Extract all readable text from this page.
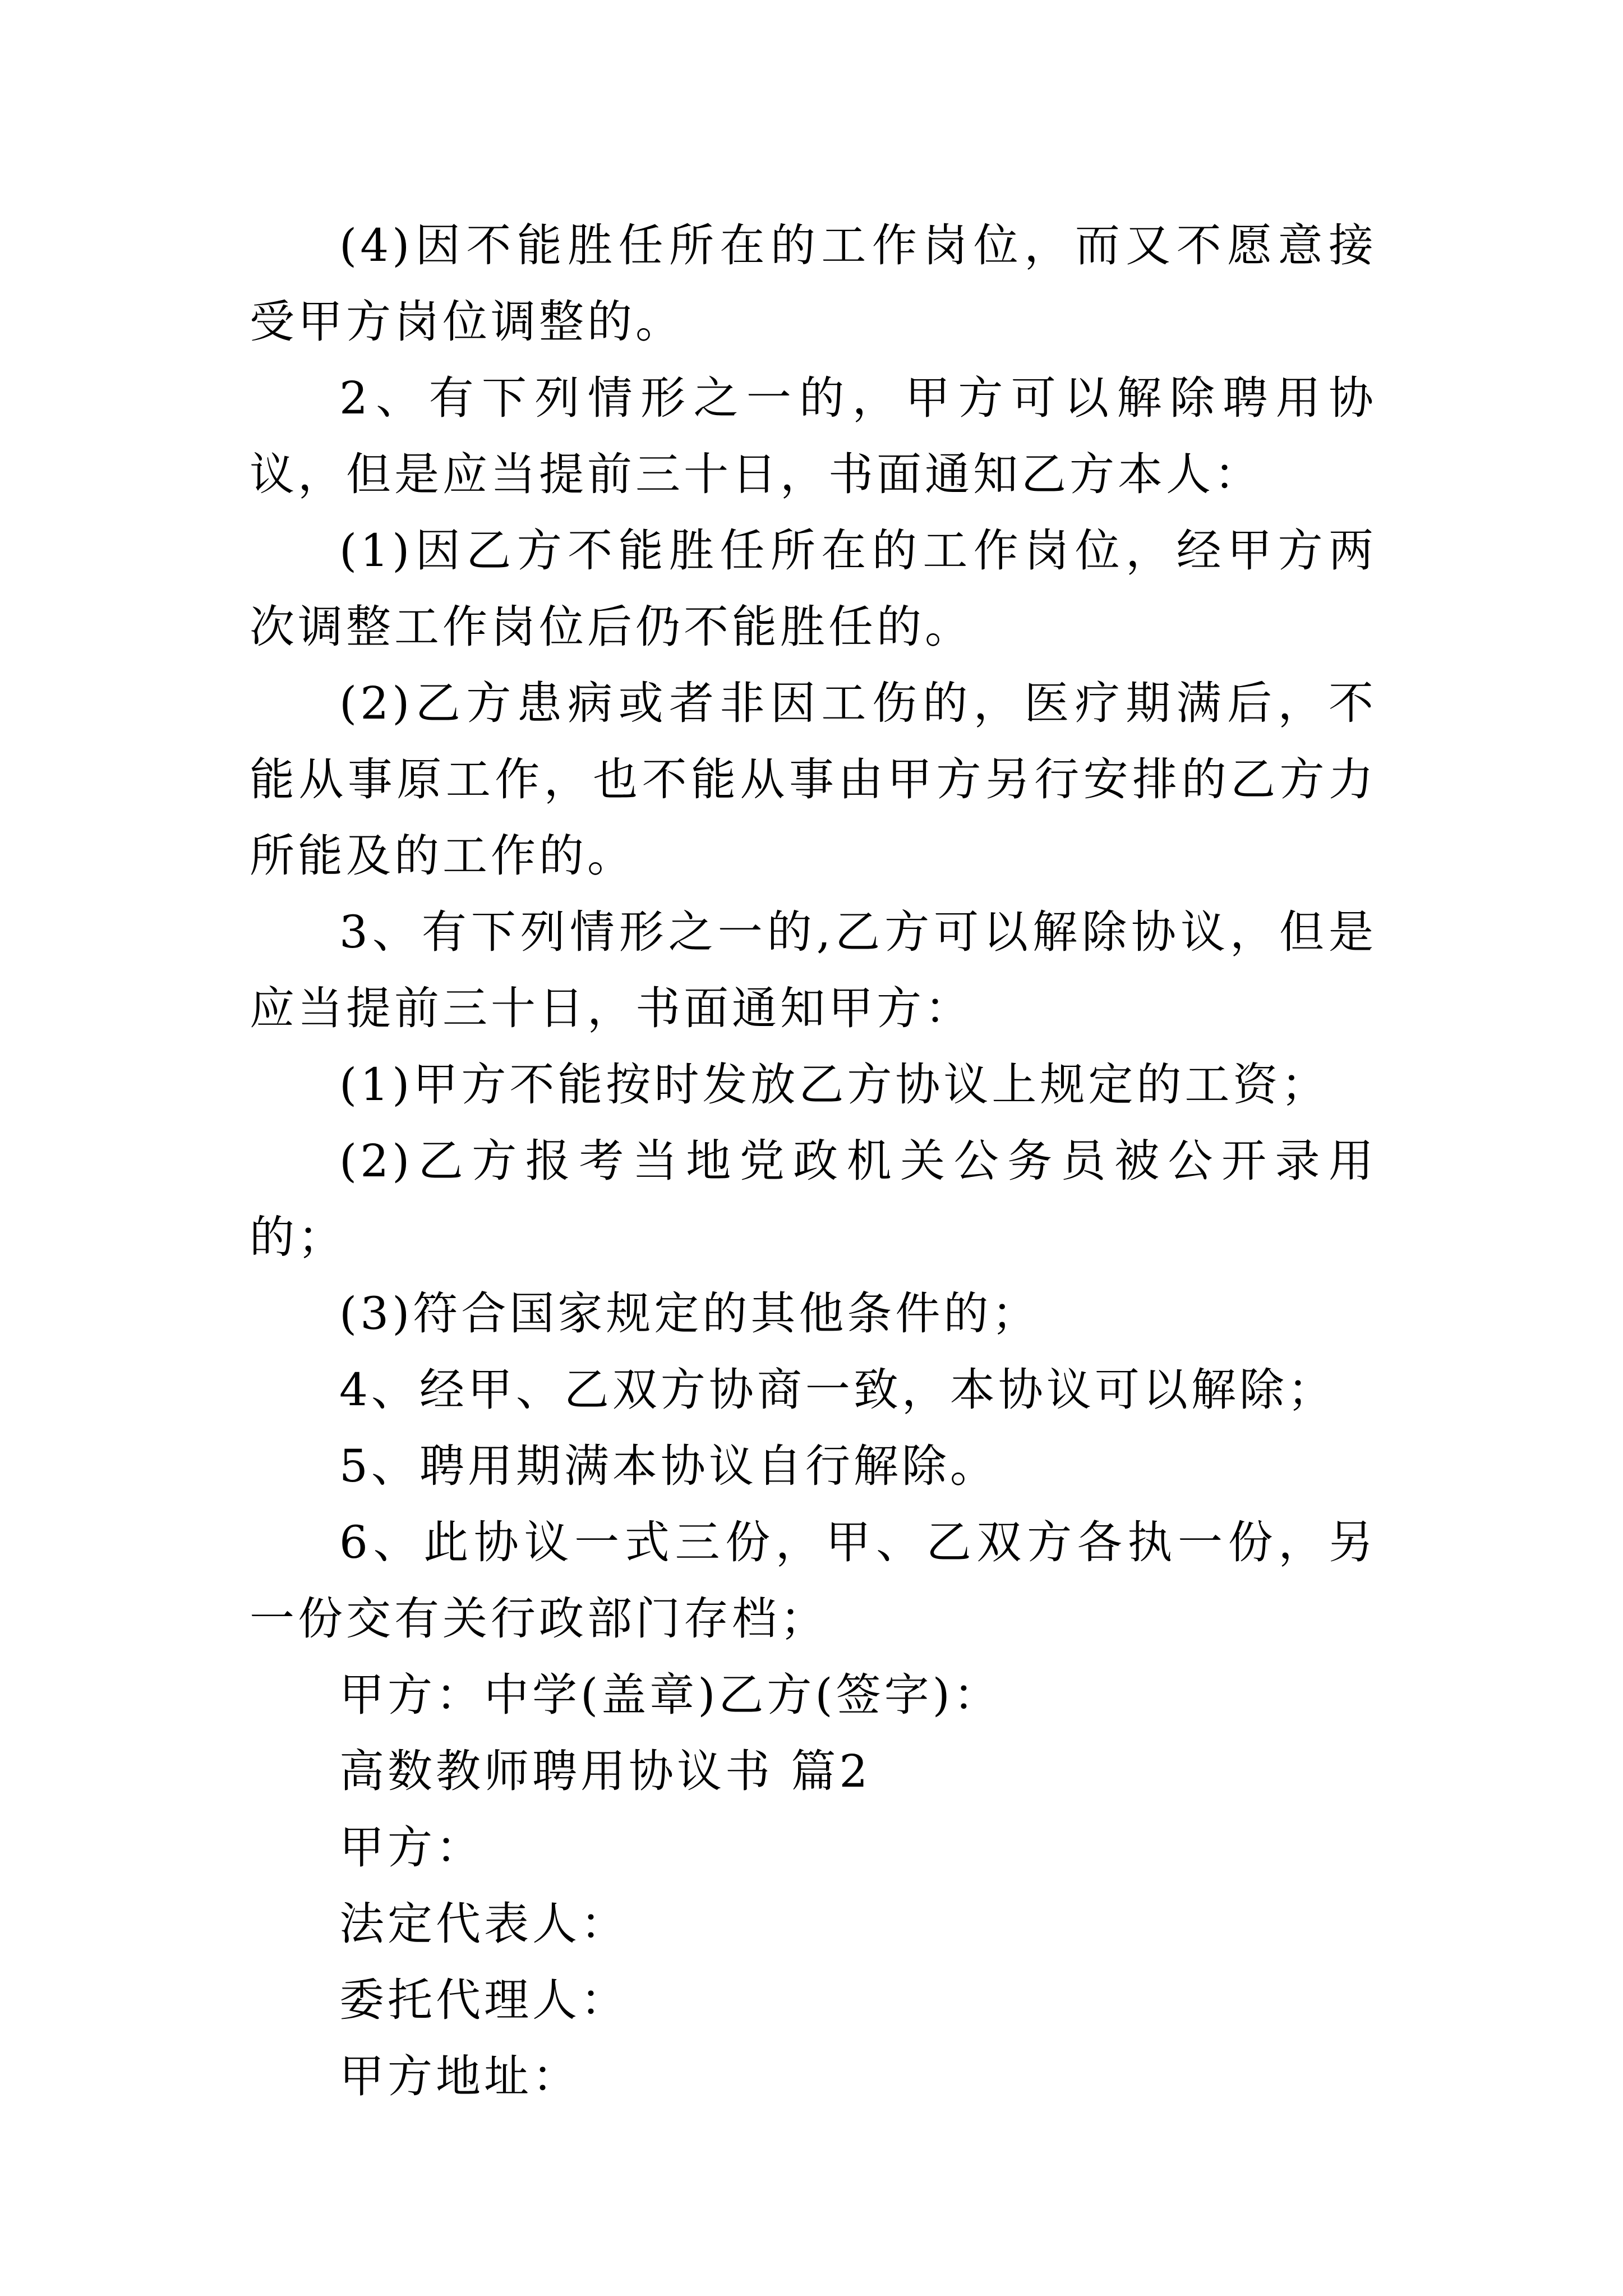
(4)因不能胜任所在的工作岗位，而又不愿意接受甲方岗位调整的。

2、有下列情形之一的，甲方可以解除聘用协议，但是应当提前三十日，书面通知乙方本人：

(1)因乙方不能胜任所在的工作岗位，经甲方两次调整工作岗位后仍不能胜任的。

(2)乙方患病或者非因工伤的，医疗期满后，不能从事原工作，也不能从事由甲方另行安排的乙方力所能及的工作的。

3、有下列情形之一的,乙方可以解除协议，但是应当提前三十日，书面通知甲方：

(1)甲方不能按时发放乙方协议上规定的工资；

(2)乙方报考当地党政机关公务员被公开录用的；

(3)符合国家规定的其他条件的；

4、经甲、乙双方协商一致，本协议可以解除；

5、聘用期满本协议自行解除。

6、此协议一式三份，甲、乙双方各执一份，另一份交有关行政部门存档；

甲方：中学(盖章)乙方(签字)：

高数教师聘用协议书 篇2

甲方：

法定代表人：

委托代理人：

甲方地址：
